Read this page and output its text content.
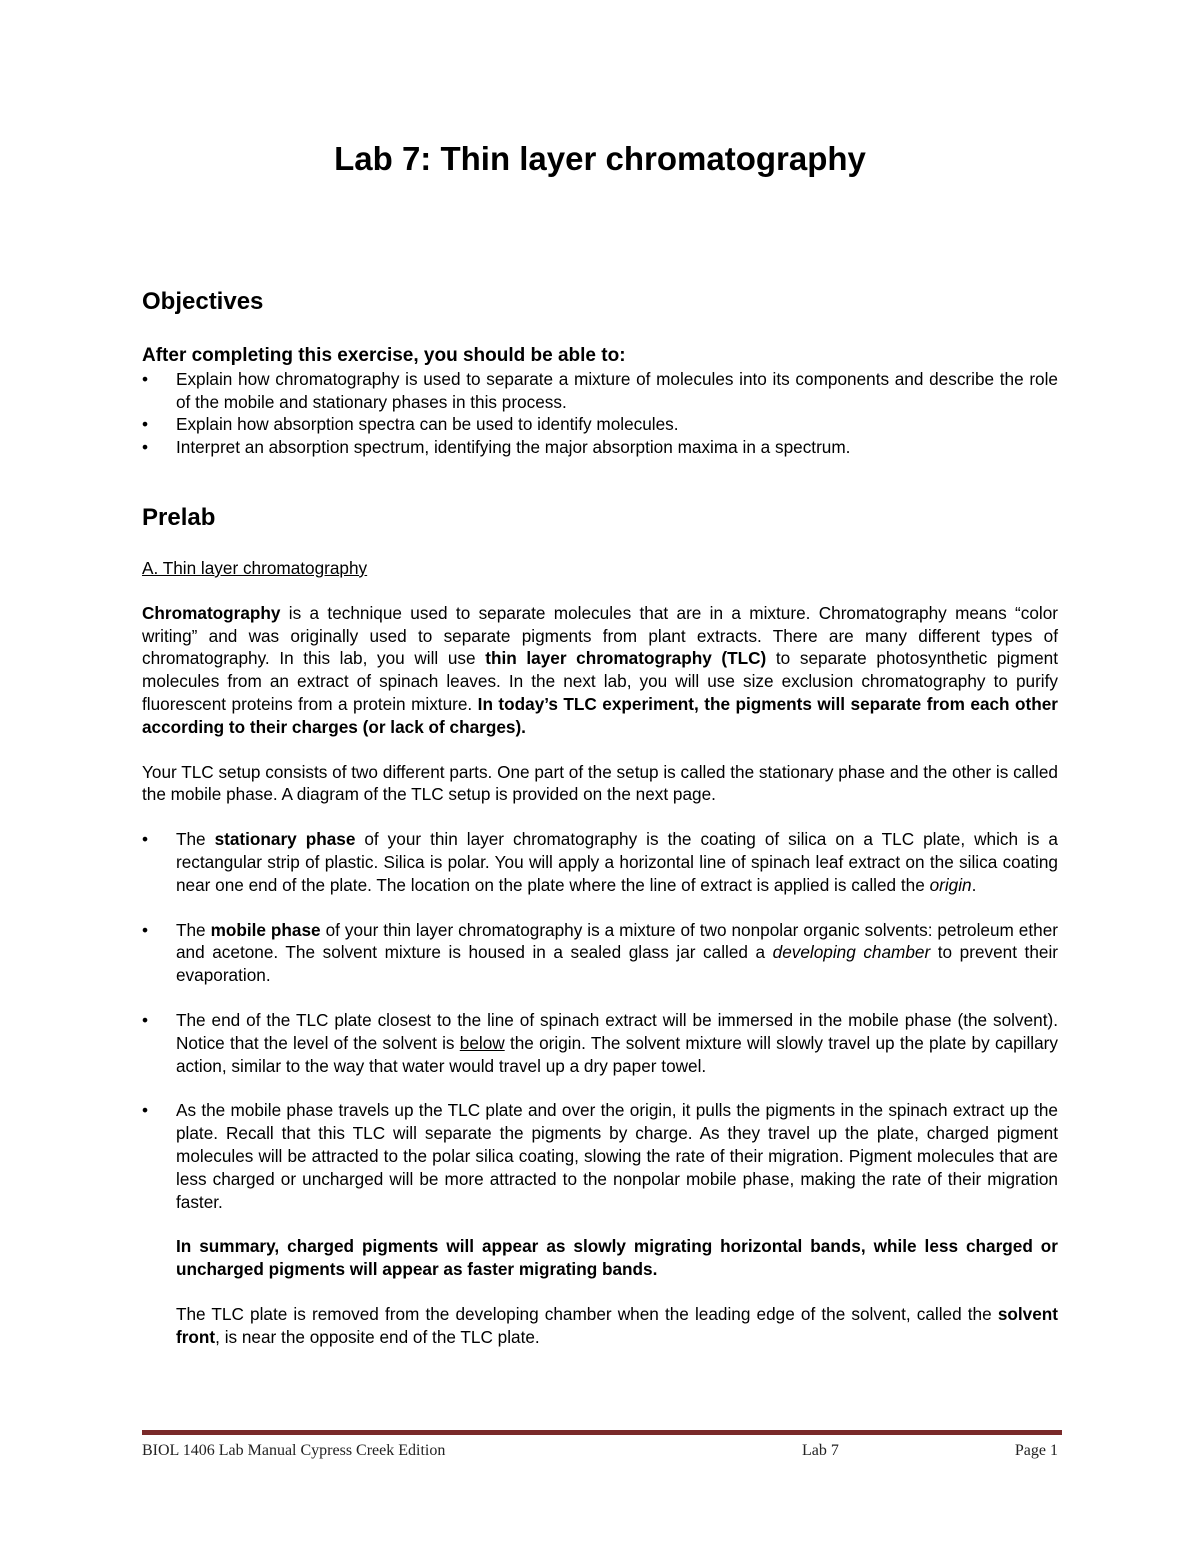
Lab 7: Thin layer chromatography
Objectives
After completing this exercise, you should be able to:
• Explain how chromatography is used to separate a mixture of molecules into its components and describe the role of the mobile and stationary phases in this process.
• Explain how absorption spectra can be used to identify molecules.
• Interpret an absorption spectrum, identifying the major absorption maxima in a spectrum.
Prelab

A. Thin layer chromatography

Chromatography is a technique used to separate molecules that are in a mixture. Chromatography means “color writing” and was originally used to separate pigments from plant extracts. There are many different types of chromatography. In this lab, you will use thin layer chromatography (TLC) to separate photosynthetic pigment molecules from an extract of spinach leaves. In the next lab, you will use size exclusion chromatography to purify fluorescent proteins from a protein mixture. In today’s TLC experiment, the pigments will separate from each other according to their charges (or lack of charges).

Your TLC setup consists of two different parts. One part of the setup is called the stationary phase and the other is called the mobile phase. A diagram of the TLC setup is provided on the next page.

• The stationary phase of your thin layer chromatography is the coating of silica on a TLC plate, which is a rectangular strip of plastic. Silica is polar. You will apply a horizontal line of spinach leaf extract on the silica coating near one end of the plate. The location on the plate where the line of extract is applied is called the origin.
• The mobile phase of your thin layer chromatography is a mixture of two nonpolar organic solvents: petroleum ether and acetone. The solvent mixture is housed in a sealed glass jar called a developing chamber to prevent their evaporation.
• The end of the TLC plate closest to the line of spinach extract will be immersed in the mobile phase (the solvent). Notice that the level of the solvent is below the origin. The solvent mixture will slowly travel up the plate by capillary action, similar to the way that water would travel up a dry paper towel.
• As the mobile phase travels up the TLC plate and over the origin, it pulls the pigments in the spinach extract up the plate. Recall that this TLC will separate the pigments by charge. As they travel up the plate, charged pigment molecules will be attracted to the polar silica coating, slowing the rate of their migration. Pigment molecules that are less charged or uncharged will be more attracted to the nonpolar mobile phase, making the rate of their migration faster.
In summary, charged pigments will appear as slowly migrating horizontal bands, while less charged or uncharged pigments will appear as faster migrating bands.
The TLC plate is removed from the developing chamber when the leading edge of the solvent, called the solvent front, is near the opposite end of the TLC plate.
BIOL 1406 Lab Manual Cypress Creek Edition	Lab 7	Page 1
